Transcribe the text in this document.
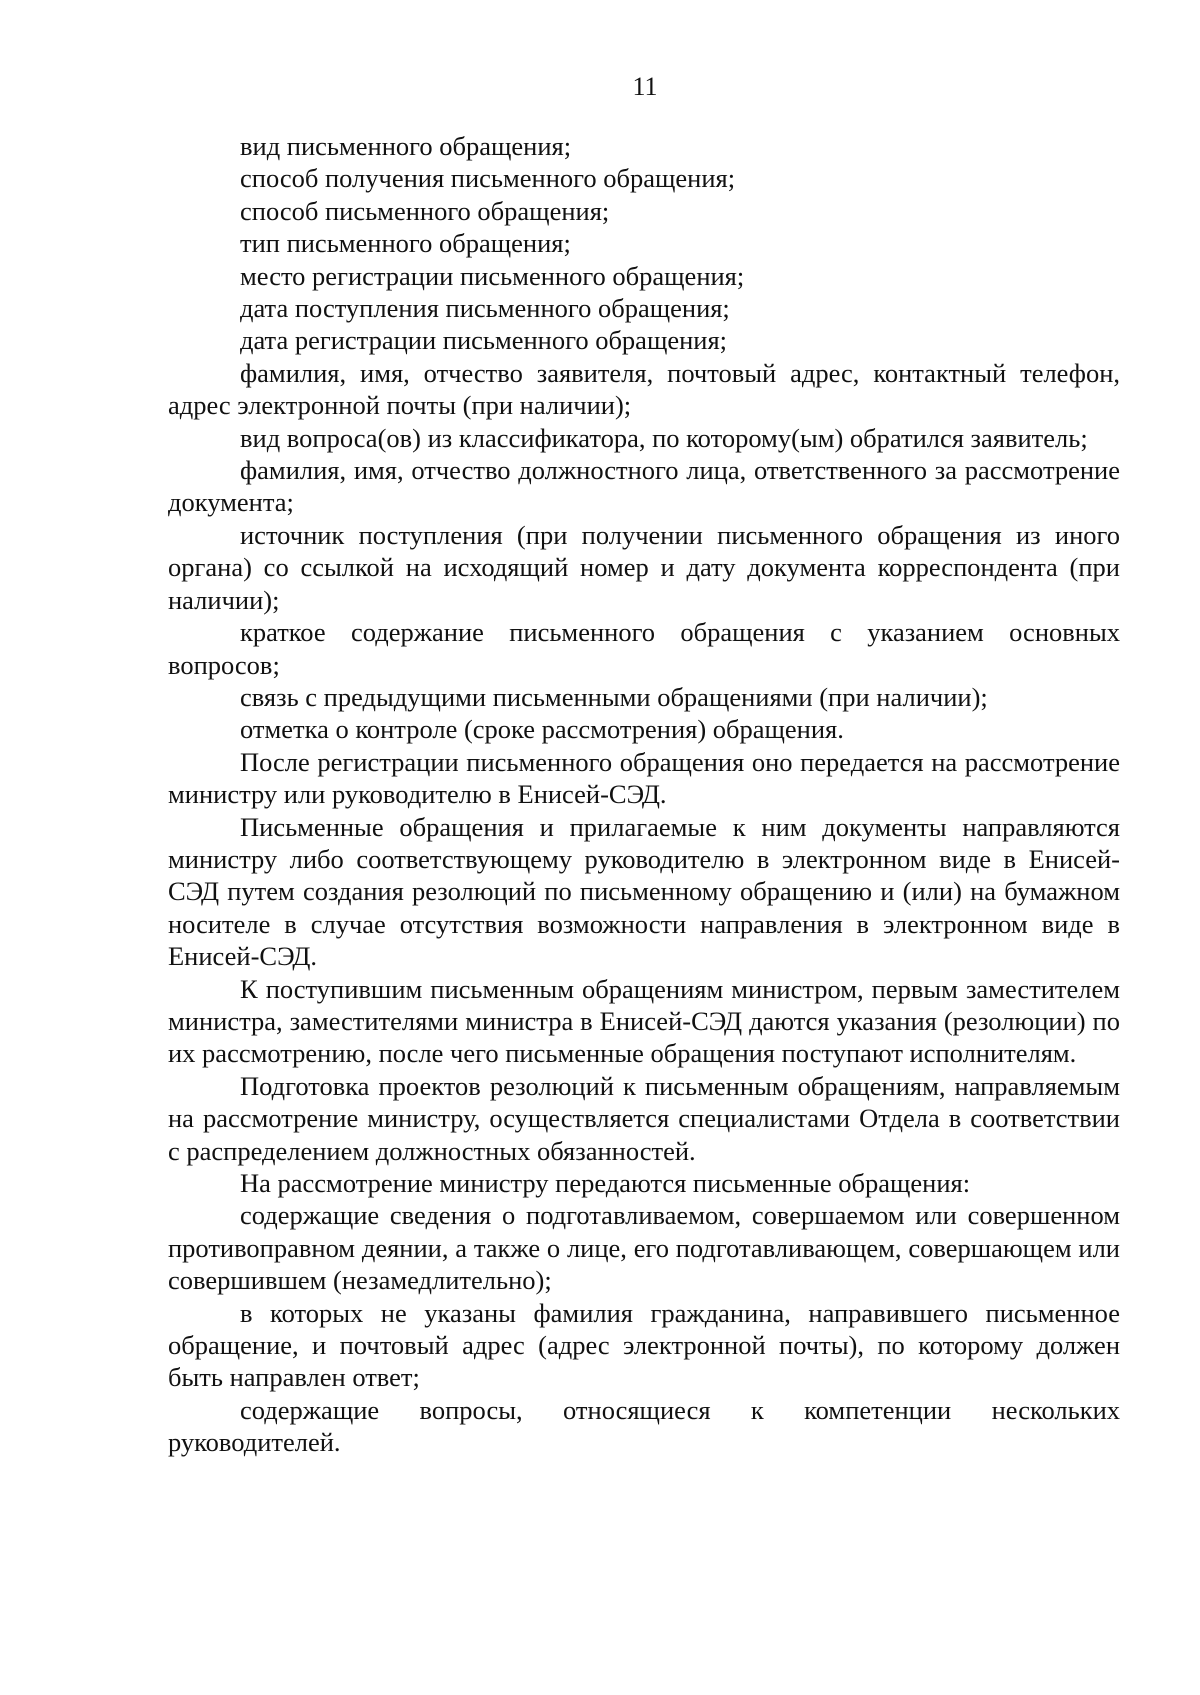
11

вид письменного обращения;

способ получения письменного обращения;

способ письменного обращения;

тип письменного обращения;

место регистрации письменного обращения;

дата поступления письменного обращения;

дата регистрации письменного обращения;

фамилия, имя, отчество заявителя, почтовый адрес, контактный телефон, адрес электронной почты (при наличии);

вид вопроса(ов) из классификатора, по которому(ым) обратился заявитель;

фамилия, имя, отчество должностного лица, ответственного за рассмотрение документа;

источник поступления (при получении письменного обращения из иного органа) со ссылкой на исходящий номер и дату документа корреспондента (при наличии);

краткое содержание письменного обращения с указанием основных вопросов;

связь с предыдущими письменными обращениями (при наличии);

отметка о контроле (сроке рассмотрения) обращения.

После регистрации письменного обращения оно передается на рассмотрение министру или руководителю в Енисей-СЭД.

Письменные обращения и прилагаемые к ним документы направляются министру либо соответствующему руководителю в электронном виде в Енисей-СЭД путем создания резолюций по письменному обращению и (или) на бумажном носителе в случае отсутствия возможности направления в электронном виде в Енисей-СЭД.

К поступившим письменным обращениям министром, первым заместителем министра, заместителями министра в Енисей-СЭД даются указания (резолюции) по их рассмотрению, после чего письменные обращения поступают исполнителям.

Подготовка проектов резолюций к письменным обращениям, направляемым на рассмотрение министру, осуществляется специалистами Отдела в соответствии с распределением должностных обязанностей.

На рассмотрение министру передаются письменные обращения:

содержащие сведения о подготавливаемом, совершаемом или совершенном противоправном деянии, а также о лице, его подготавливающем, совершающем или совершившем (незамедлительно);

в которых не указаны фамилия гражданина, направившего письменное обращение, и почтовый адрес (адрес электронной почты), по которому должен быть направлен ответ;

содержащие вопросы, относящиеся к компетенции нескольких руководителей.
